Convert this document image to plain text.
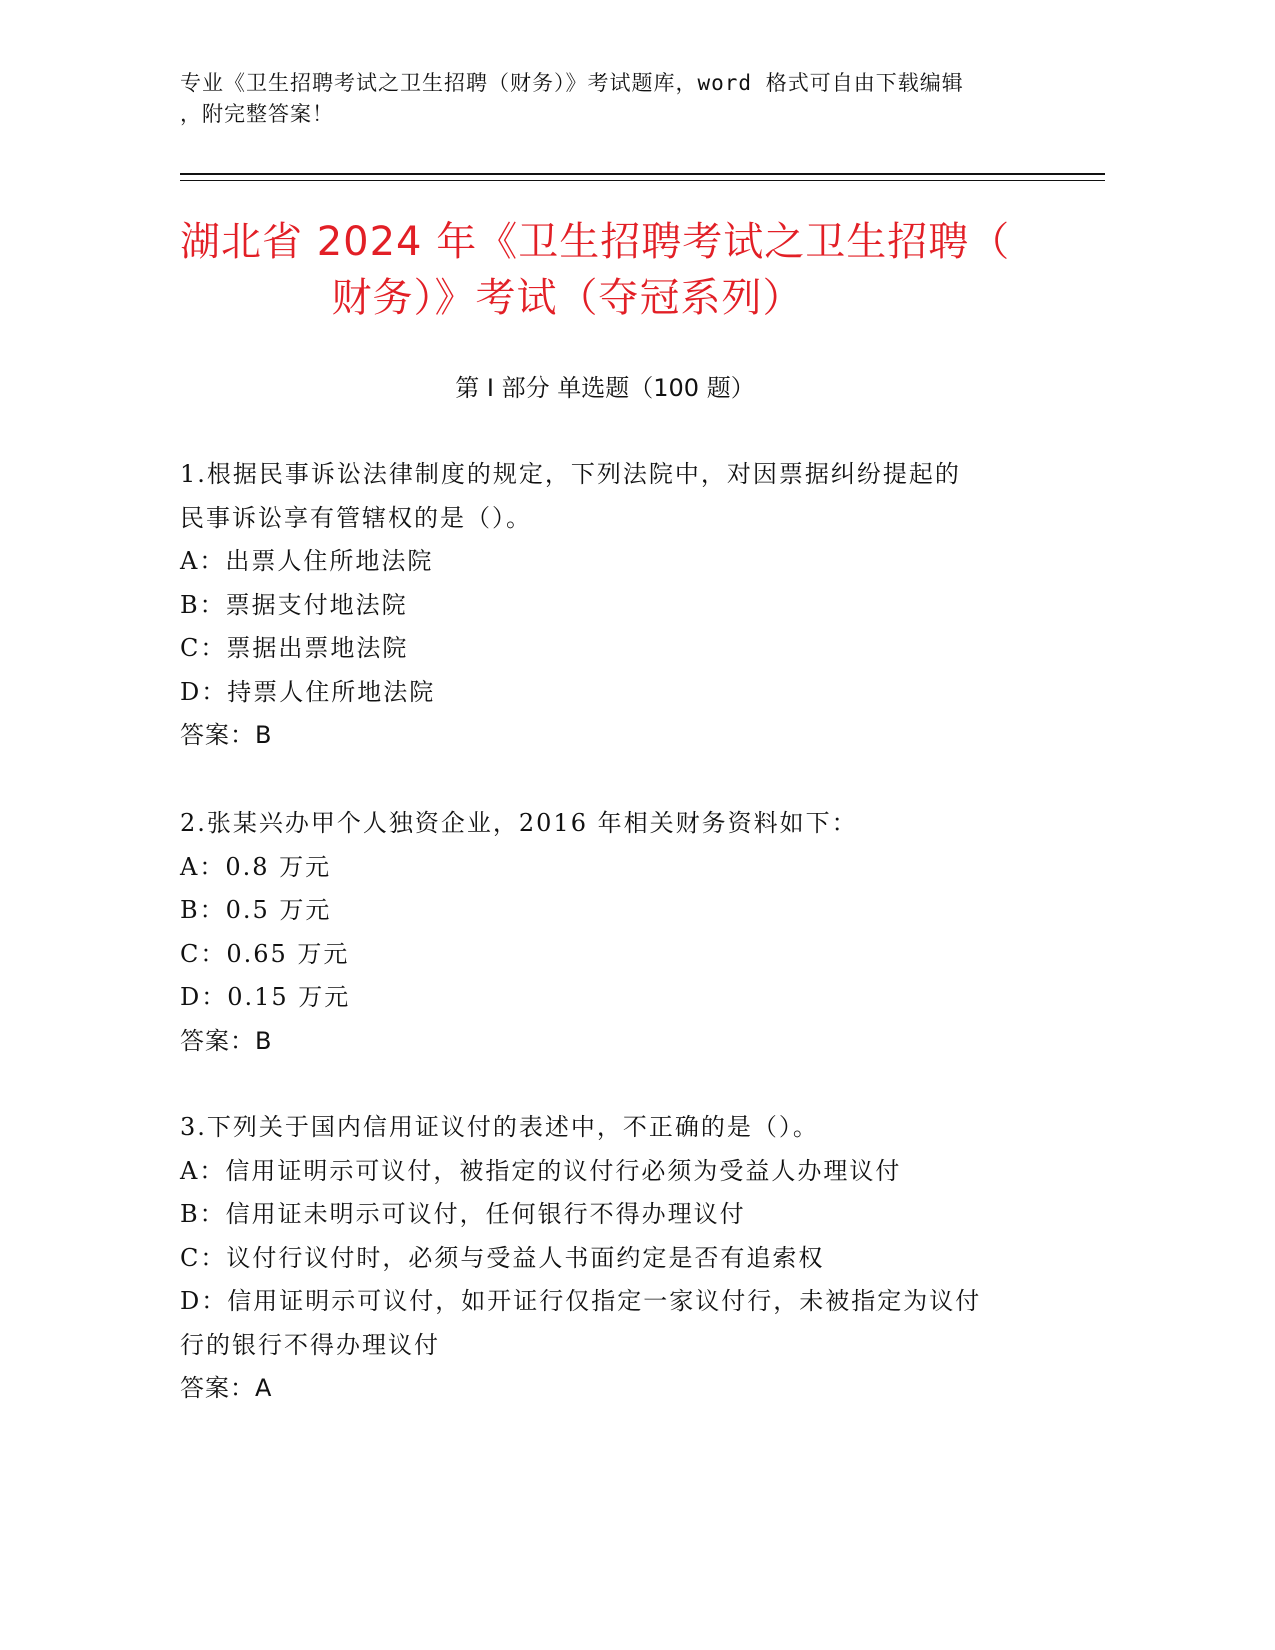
专业《卫生招聘考试之卫生招聘（财务）》考试题库，word 格式可自由下载编辑
，附完整答案！
湖北省 2024 年《卫生招聘考试之卫生招聘（
财务）》考试（夺冠系列）
第 I 部分 单选题（100 题）
1.根据民事诉讼法律制度的规定，下列法院中，对因票据纠纷提起的
民事诉讼享有管辖权的是（）。
A：出票人住所地法院
B：票据支付地法院
C：票据出票地法院
D：持票人住所地法院
答案：B
2.张某兴办甲个人独资企业，2016 年相关财务资料如下：
A：0.8 万元
B：0.5 万元
C：0.65 万元
D：0.15 万元
答案：B
3.下列关于国内信用证议付的表述中，不正确的是（）。
A：信用证明示可议付，被指定的议付行必须为受益人办理议付
B：信用证未明示可议付，任何银行不得办理议付
C：议付行议付时，必须与受益人书面约定是否有追索权
D：信用证明示可议付，如开证行仅指定一家议付行，未被指定为议付
行的银行不得办理议付
答案：A
